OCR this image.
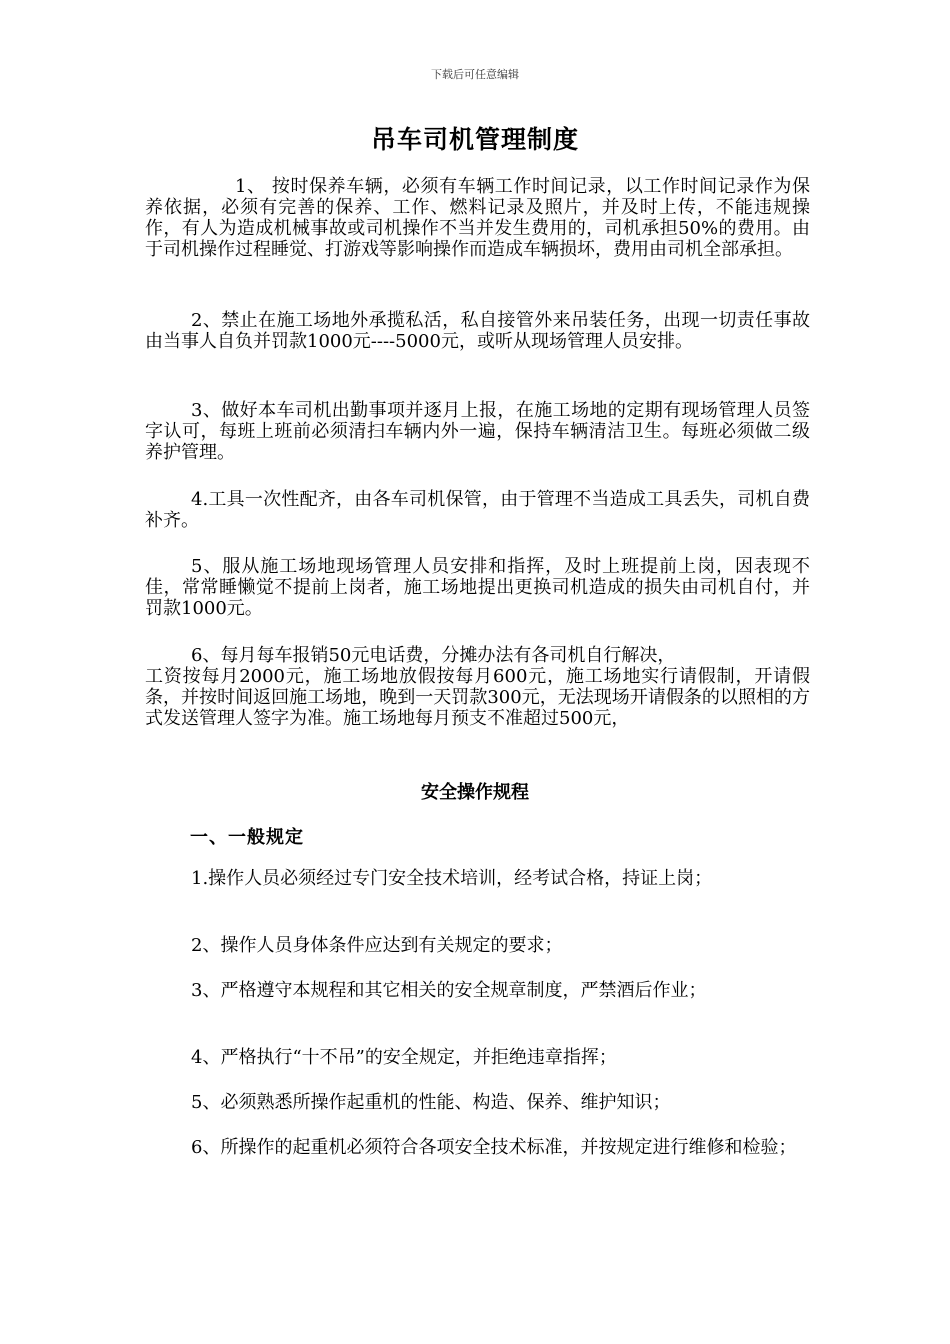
下载后可任意编辑
吊车司机管理制度

1、 按时保养车辆，必须有车辆工作时间记录，以工作时间记录作为保养依据，必须有完善的保养、工作、燃料记录及照片，并及时上传，不能违规操作，有人为造成机械事故或司机操作不当并发生费用的，司机承担50%的费用。由于司机操作过程睡觉、打游戏等影响操作而造成车辆损坏，费用由司机全部承担。

2、禁止在施工场地外承揽私活，私自接管外来吊装任务，出现一切责任事故由当事人自负并罚款1000元----5000元，或听从现场管理人员安排。

3、做好本车司机出勤事项并逐月上报，在施工场地的定期有现场管理人员签字认可，每班上班前必须清扫车辆内外一遍，保持车辆清洁卫生。每班必须做二级养护管理。

4.工具一次性配齐，由各车司机保管，由于管理不当造成工具丢失，司机自费补齐。

5、服从施工场地现场管理人员安排和指挥，及时上班提前上岗，因表现不佳，常常睡懒觉不提前上岗者，施工场地提出更换司机造成的损失由司机自付，并罚款1000元。

6、每月每车报销50元电话费，分摊办法有各司机自行解决，
工资按每月2000元，施工场地放假按每月600元，施工场地实行请假制，开请假条，并按时间返回施工场地，晚到一天罚款300元，无法现场开请假条的以照相的方式发送管理人签字为准。施工场地每月预支不准超过500元，
安全操作规程
一、一般规定

1.操作人员必须经过专门安全技术培训，经考试合格，持证上岗；

2、操作人员身体条件应达到有关规定的要求；

3、严格遵守本规程和其它相关的安全规章制度，严禁酒后作业；

4、严格执行“十不吊”的安全规定，并拒绝违章指挥；

5、必须熟悉所操作起重机的性能、构造、保养、维护知识；

6、所操作的起重机必须符合各项安全技术标准，并按规定进行维修和检验；
